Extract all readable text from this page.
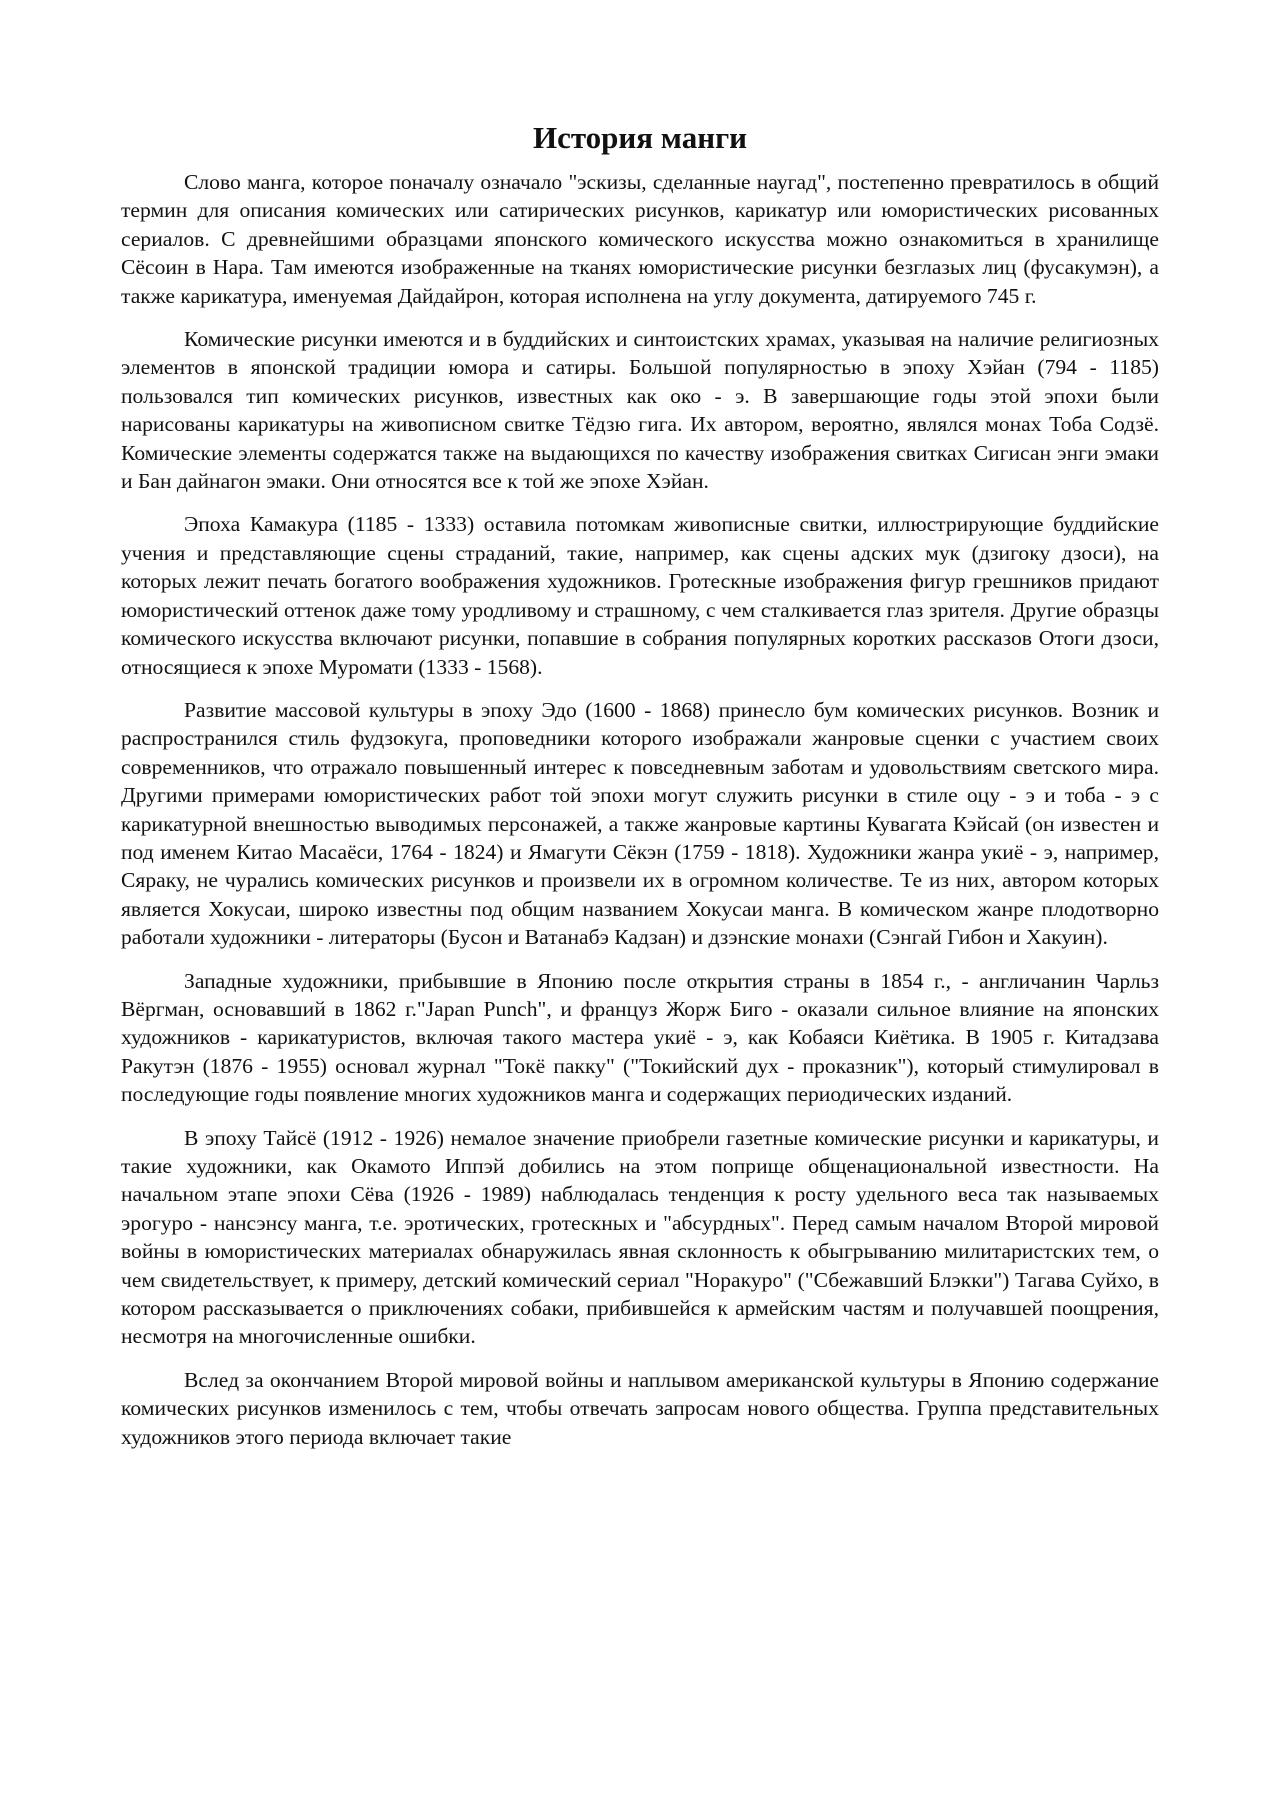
История манги

Слово манга, которое поначалу означало "эскизы, сделанные наугад", постепенно превратилось в общий термин для описания комических или сатирических рисунков, карикатур или юмористических рисованных сериалов. С древнейшими образцами японского комического искусства можно ознакомиться в хранилище Сёсоин в Нара. Там имеются изображенные на тканях юмористические рисунки безглазых лиц (фусакумэн), а также карикатура, именуемая Дайдайрон, которая исполнена на углу документа, датируемого 745 г.

Комические рисунки имеются и в буддийских и синтоистских храмах, указывая на наличие религиозных элементов в японской традиции юмора и сатиры. Большой популярностью в эпоху Хэйан (794 - 1185) пользовался тип комических рисунков, известных как око - э. В завершающие годы этой эпохи были нарисованы карикатуры на живописном свитке Тёдзю гига. Их автором, вероятно, являлся монах Тоба Содзё. Комические элементы содержатся также на выдающихся по качеству изображения свитках Сигисан энги эмаки и Бан дайнагон эмаки. Они относятся все к той же эпохе Хэйан.

Эпоха Камакура (1185 - 1333) оставила потомкам живописные свитки, иллюстрирующие буддийские учения и представляющие сцены страданий, такие, например, как сцены адских мук (дзигоку дзоси), на которых лежит печать богатого воображения художников. Гротескные изображения фигур грешников придают юмористический оттенок даже тому уродливому и страшному, с чем сталкивается глаз зрителя. Другие образцы комического искусства включают рисунки, попавшие в собрания популярных коротких рассказов Отоги дзоси, относящиеся к эпохе Муромати (1333 - 1568).

Развитие массовой культуры в эпоху Эдо (1600 - 1868) принесло бум комических рисунков. Возник и распространился стиль фудзокуга, проповедники которого изображали жанровые сценки с участием своих современников, что отражало повышенный интерес к повседневным заботам и удовольствиям светского мира. Другими примерами юмористических работ той эпохи могут служить рисунки в стиле оцу - э и тоба - э с карикатурной внешностью выводимых персонажей, а также жанровые картины Кувагата Кэйсай (он известен и под именем Китао Масаёси, 1764 - 1824) и Ямагути Сёкэн (1759 - 1818). Художники жанра укиё - э, например, Сяраку, не чурались комических рисунков и произвели их в огромном количестве. Те из них, автором которых является Хокусаи, широко известны под общим названием Хокусаи манга. В комическом жанре плодотворно работали художники - литераторы (Бусон и Ватанабэ Кадзан) и дзэнские монахи (Сэнгай Гибон и Хакуин).

Западные художники, прибывшие в Японию после открытия страны в 1854 г., - англичанин Чарльз Вёргман, основавший в 1862 г."Japan Punch", и француз Жорж Биго - оказали сильное влияние на японских художников - карикатуристов, включая такого мастера укиё - э, как Кобаяси Киётика. В 1905 г. Китадзава Ракутэн (1876 - 1955) основал журнал "Токё пакку" ("Токийский дух - проказник"), который стимулировал в последующие годы появление многих художников манга и содержащих периодических изданий.

В эпоху Тайсё (1912 - 1926) немалое значение приобрели газетные комические рисунки и карикатуры, и такие художники, как Окамото Иппэй добились на этом поприще общенациональной известности. На начальном этапе эпохи Сёва (1926 - 1989) наблюдалась тенденция к росту удельного веса так называемых эрогуро - нансэнсу манга, т.е. эротических, гротескных и "абсурдных". Перед самым началом Второй мировой войны в юмористических материалах обнаружилась явная склонность к обыгрыванию милитаристских тем, о чем свидетельствует, к примеру, детский комический сериал "Норакуро" ("Сбежавший Блэкки") Тагава Суйхо, в котором рассказывается о приключениях собаки, прибившейся к армейским частям и получавшей поощрения, несмотря на многочисленные ошибки.

Вслед за окончанием Второй мировой войны и наплывом американской культуры в Японию содержание комических рисунков изменилось с тем, чтобы отвечать запросам нового общества. Группа представительных художников этого периода включает такие
